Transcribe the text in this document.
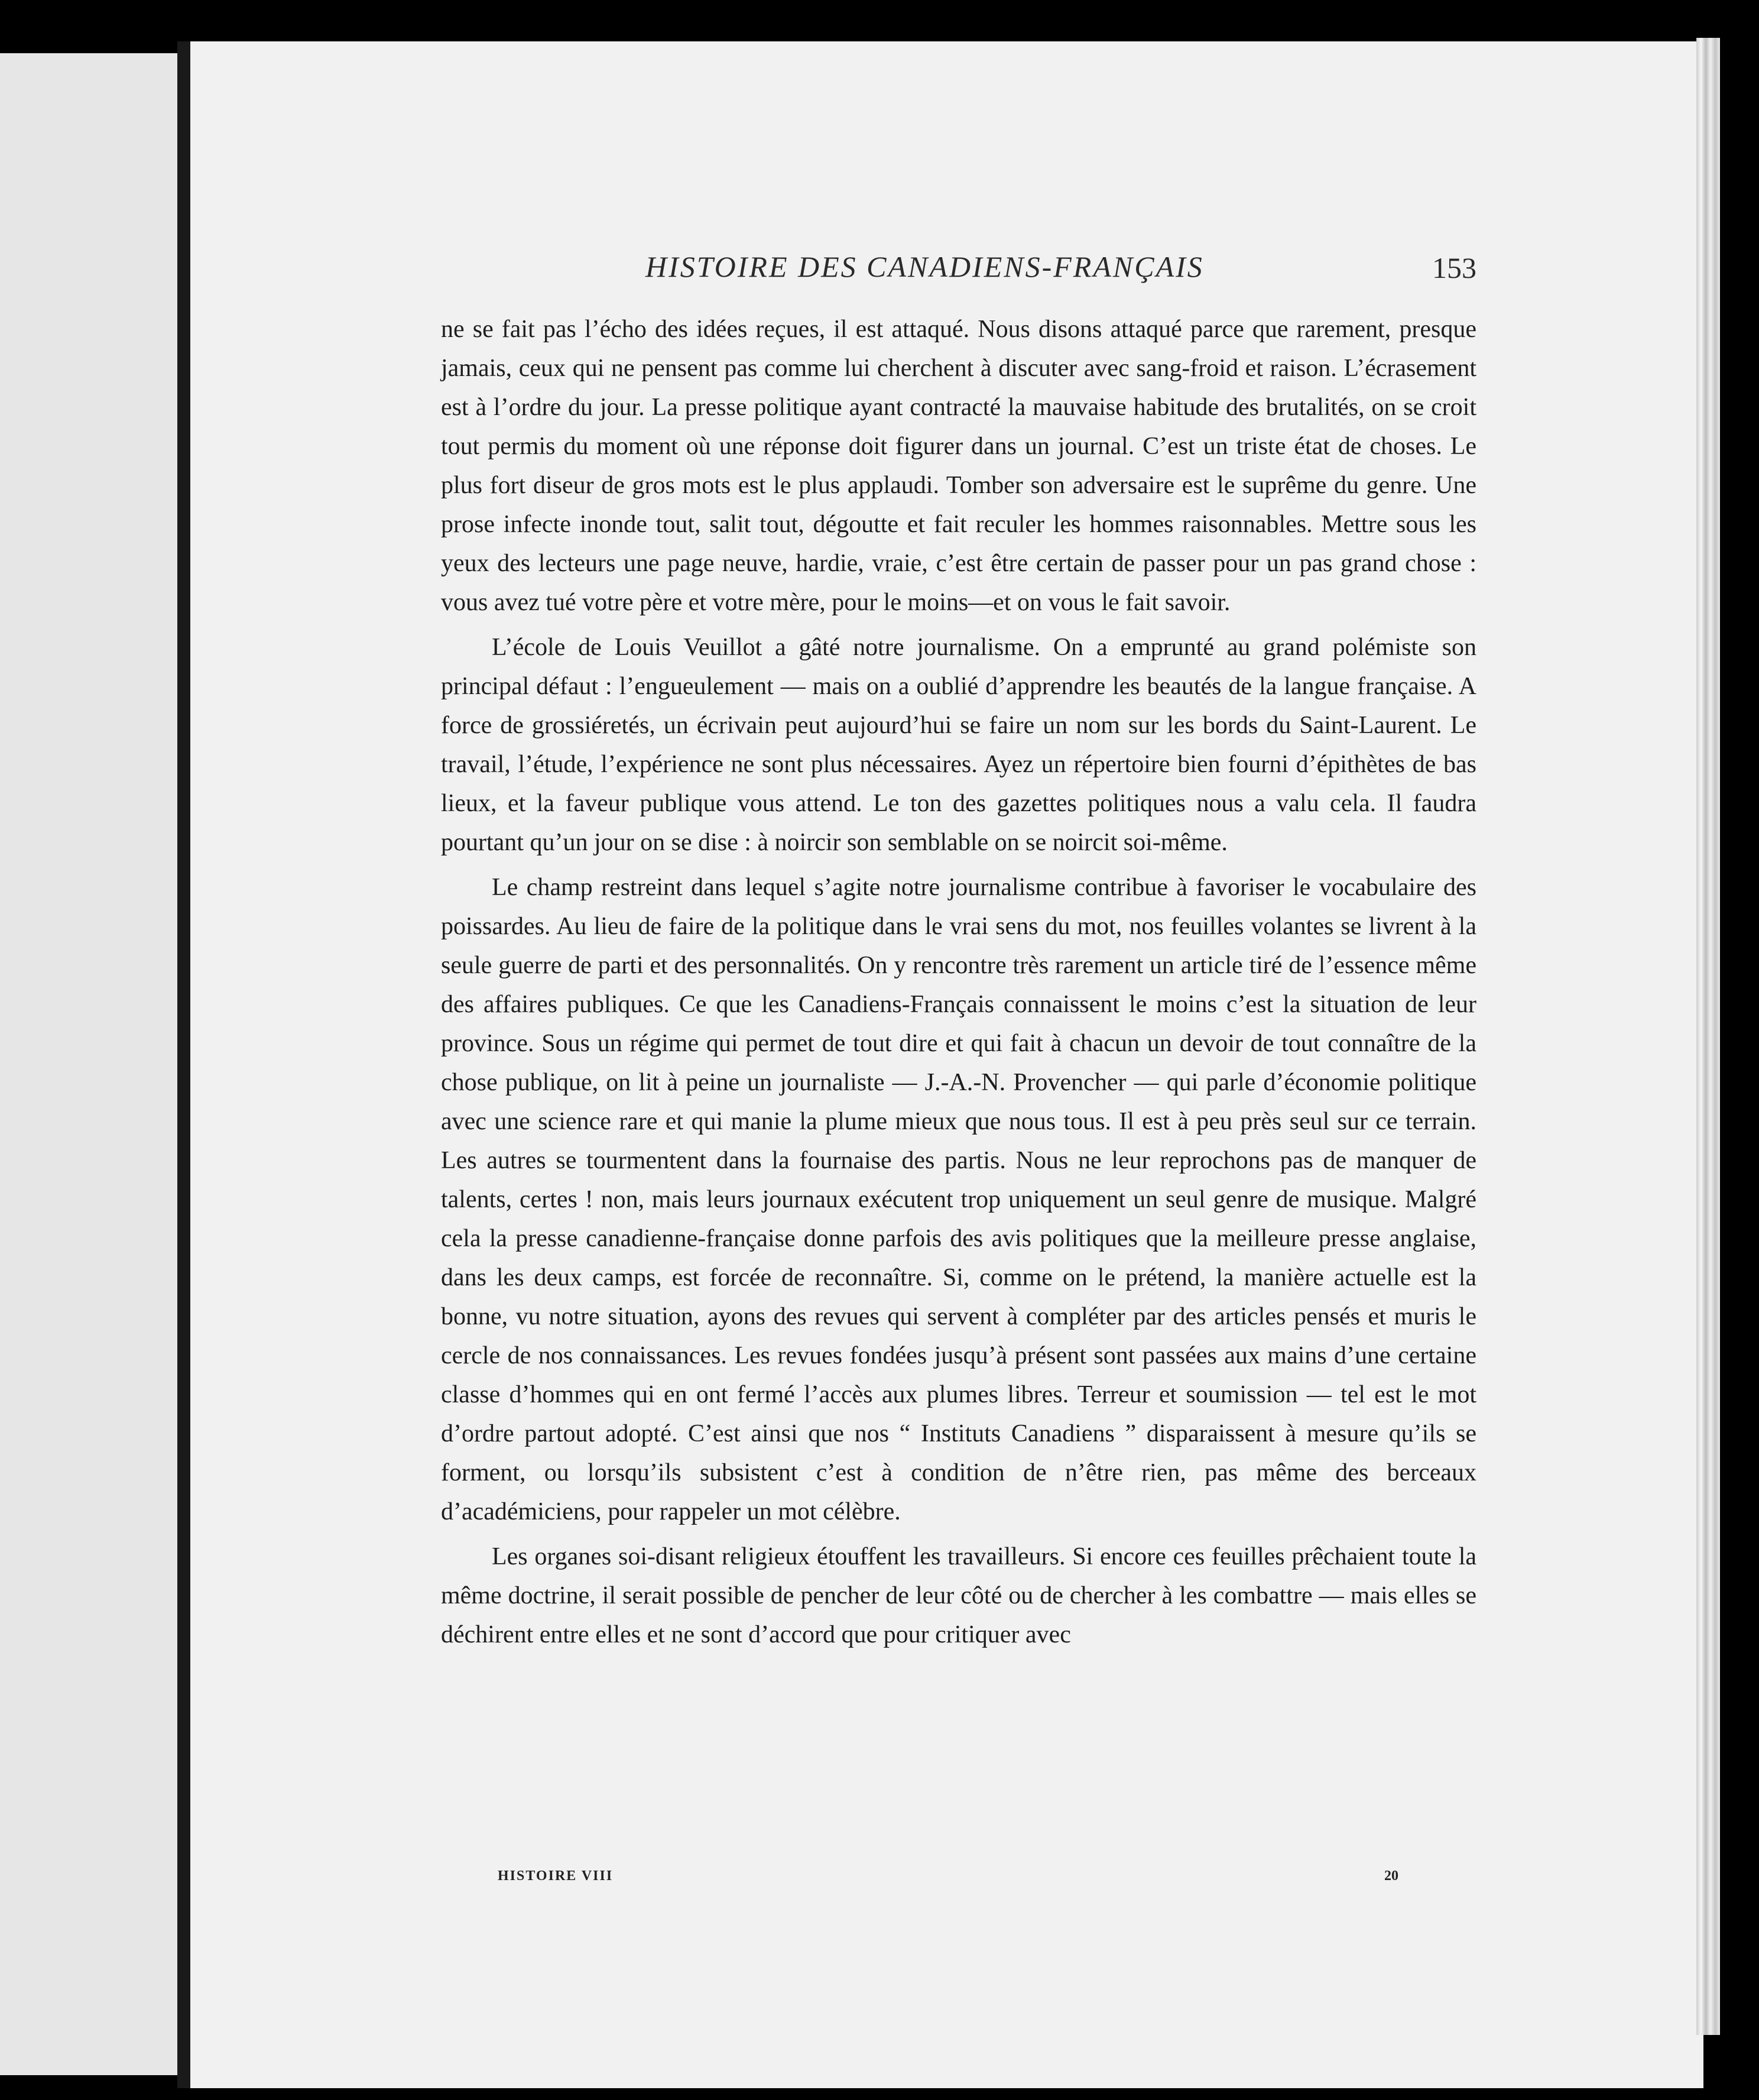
HISTOIRE DES CANADIENS-FRANÇAIS	153

ne se fait pas l’écho des idées reçues, il est attaqué. Nous disons attaqué parce que rarement, presque jamais, ceux qui ne pensent pas comme lui cherchent à discuter avec sang-froid et raison. L’écrasement est à l’ordre du jour. La presse politique ayant contracté la mauvaise habitude des brutalités, on se croit tout permis du moment où une réponse doit figurer dans un journal. C’est un triste état de choses. Le plus fort diseur de gros mots est le plus applaudi. Tomber son adversaire est le suprême du genre. Une prose infecte inonde tout, salit tout, dégoutte et fait reculer les hommes raisonnables. Mettre sous les yeux des lecteurs une page neuve, hardie, vraie, c’est être certain de passer pour un pas grand chose : vous avez tué votre père et votre mère, pour le moins—et on vous le fait savoir.

L’école de Louis Veuillot a gâté notre journalisme. On a emprunté au grand polémiste son principal défaut : l’engueulement — mais on a oublié d’apprendre les beautés de la langue française. A force de grossiéretés, un écrivain peut aujourd’hui se faire un nom sur les bords du Saint-Laurent. Le travail, l’étude, l’expérience ne sont plus nécessaires. Ayez un répertoire bien fourni d’épithètes de bas lieux, et la faveur publique vous attend. Le ton des gazettes politiques nous a valu cela. Il faudra pourtant qu’un jour on se dise : à noircir son semblable on se noircit soi-même.

Le champ restreint dans lequel s’agite notre journalisme contribue à favoriser le vocabulaire des poissardes. Au lieu de faire de la politique dans le vrai sens du mot, nos feuilles volantes se livrent à la seule guerre de parti et des personnalités. On y rencontre très rarement un article tiré de l’essence même des affaires publiques. Ce que les Canadiens-Français connaissent le moins c’est la situation de leur province. Sous un régime qui permet de tout dire et qui fait à chacun un devoir de tout connaître de la chose publique, on lit à peine un journaliste — J.-A.-N. Provencher — qui parle d’économie politique avec une science rare et qui manie la plume mieux que nous tous. Il est à peu près seul sur ce terrain. Les autres se tourmentent dans la fournaise des partis. Nous ne leur reprochons pas de manquer de talents, certes ! non, mais leurs journaux exécutent trop uniquement un seul genre de musique. Malgré cela la presse canadienne-française donne parfois des avis politiques que la meilleure presse anglaise, dans les deux camps, est forcée de reconnaître. Si, comme on le prétend, la manière actuelle est la bonne, vu notre situation, ayons des revues qui servent à compléter par des articles pensés et muris le cercle de nos connaissances. Les revues fondées jusqu’à présent sont passées aux mains d’une certaine classe d’hommes qui en ont fermé l’accès aux plumes libres. Terreur et soumission — tel est le mot d’ordre partout adopté. C’est ainsi que nos “ Instituts Canadiens ” disparaissent à mesure qu’ils se forment, ou lorsqu’ils subsistent c’est à condition de n’être rien, pas même des berceaux d’académiciens, pour rappeler un mot célèbre.

Les organes soi-disant religieux étouffent les travailleurs. Si encore ces feuilles prêchaient toute la même doctrine, il serait possible de pencher de leur côté ou de chercher à les combattre — mais elles se déchirent entre elles et ne sont d’accord que pour critiquer avec

HISTOIRE VIII	20
